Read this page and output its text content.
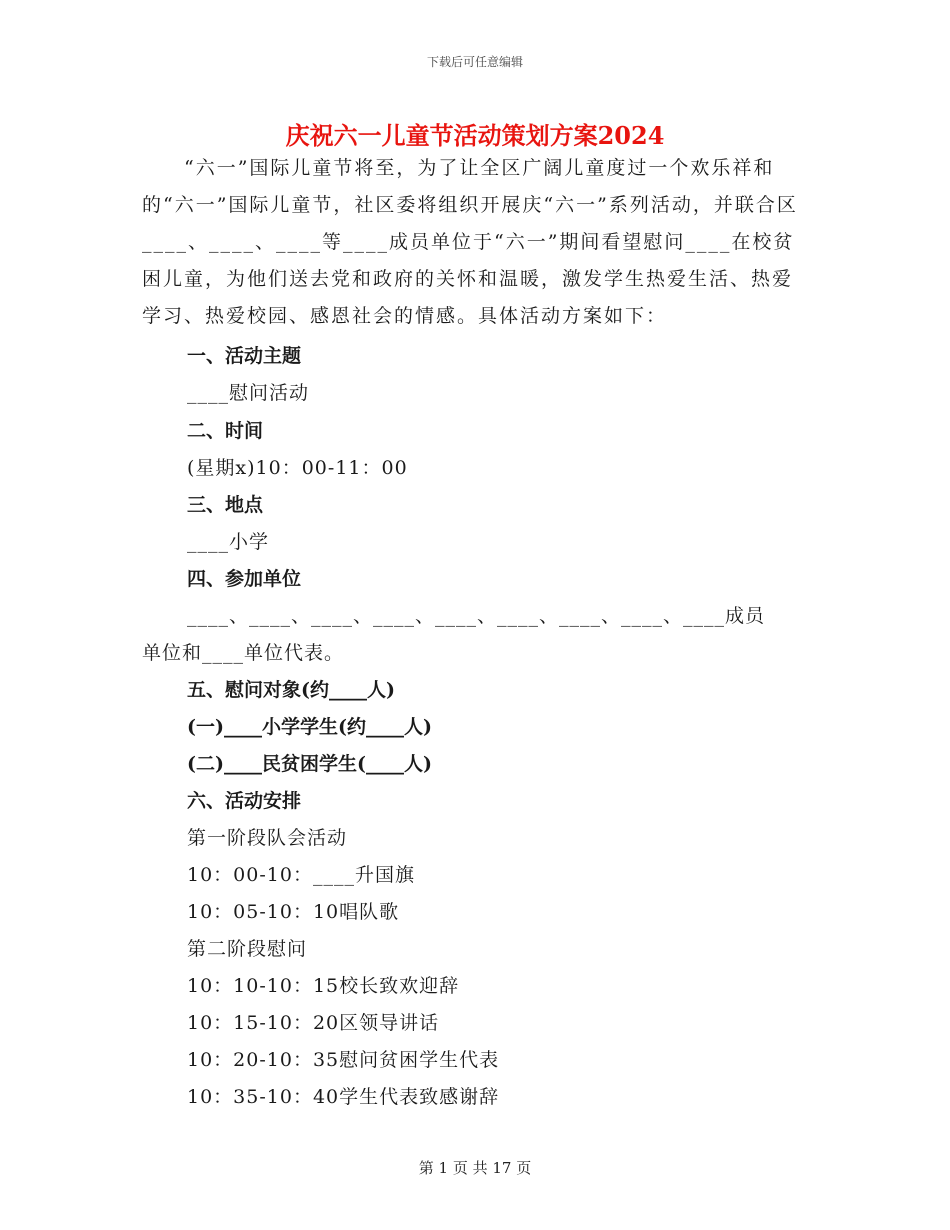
下载后可任意编辑
庆祝六一儿童节活动策划方案2024

“六一”国际儿童节将至，为了让全区广阔儿童度过一个欢乐祥和的“六一”国际儿童节，社区委将组织开展庆“六一”系列活动，并联合区____、____、____等____成员单位于“六一”期间看望慰问____在校贫困儿童，为他们送去党和政府的关怀和温暖，激发学生热爱生活、热爱学习、热爱校园、感恩社会的情感。具体活动方案如下：

一、活动主题
____慰问活动
二、时间
(星期x)10：00-11：00
三、地点
____小学
四、参加单位
____、____、____、____、____、____、____、____、____成员
单位和____单位代表。
五、慰问对象(约____人)
(一)____小学学生(约____人)
(二)____民贫困学生(____人)
六、活动安排
第一阶段队会活动
10：00-10：____升国旗
10：05-10：10唱队歌
第二阶段慰问
10：10-10：15校长致欢迎辞
10：15-10：20区领导讲话
10：20-10：35慰问贫困学生代表
10：35-10：40学生代表致感谢辞
第 1 页 共 17 页
